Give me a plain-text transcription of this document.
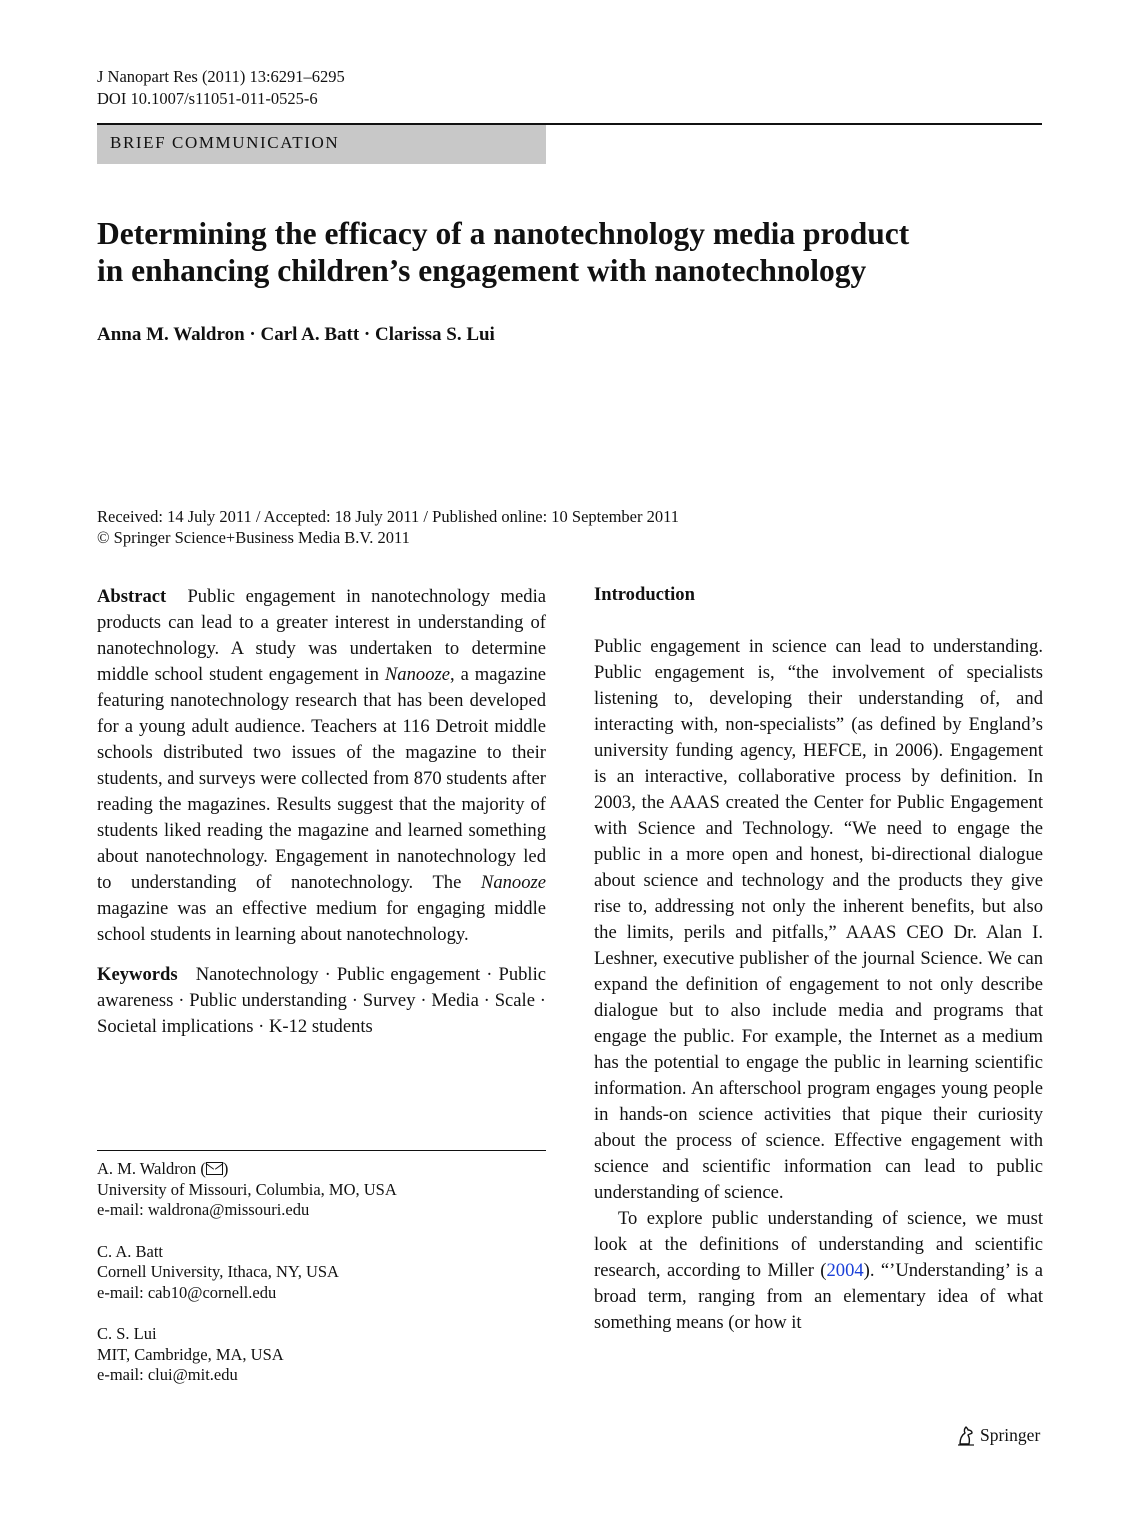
J Nanopart Res (2011) 13:6291–6295
DOI 10.1007/s11051-011-0525-6
BRIEF COMMUNICATION
Determining the efficacy of a nanotechnology media product
in enhancing children’s engagement with nanotechnology
Anna M. Waldron · Carl A. Batt · Clarissa S. Lui
Received: 14 July 2011 / Accepted: 18 July 2011 / Published online: 10 September 2011
© Springer Science+Business Media B.V. 2011

Abstract Public engagement in nanotechnology media products can lead to a greater interest in understanding of nanotechnology. A study was undertaken to determine middle school student engagement in Nanooze, a magazine featuring nanotechnology research that has been developed for a young adult audience. Teachers at 116 Detroit middle schools distributed two issues of the magazine to their students, and surveys were collected from 870 students after reading the magazines. Results suggest that the majority of students liked reading the magazine and learned something about nanotechnology. Engagement in nanotechnology led to understanding of nanotechnology. The Nanooze magazine was an effective medium for engaging middle school students in learning about nanotechnology.

Keywords Nanotechnology · Public engagement · Public awareness · Public understanding · Survey · Media · Scale · Societal implications · K-12 students

A. M. Waldron ( )
University of Missouri, Columbia, MO, USA
e-mail: waldrona@missouri.edu
C. A. Batt
Cornell University, Ithaca, NY, USA
e-mail: cab10@cornell.edu
C. S. Lui
MIT, Cambridge, MA, USA
e-mail: clui@mit.edu

Introduction

Public engagement in science can lead to understanding. Public engagement is, “the involvement of specialists listening to, developing their understanding of, and interacting with, non-specialists” (as defined by England’s university funding agency, HEFCE, in 2006). Engagement is an interactive, collaborative process by definition. In 2003, the AAAS created the Center for Public Engagement with Science and Technology. “We need to engage the public in a more open and honest, bi-directional dialogue about science and technology and the products they give rise to, addressing not only the inherent benefits, but also the limits, perils and pitfalls,” AAAS CEO Dr. Alan I. Leshner, executive publisher of the journal Science. We can expand the definition of engagement to not only describe dialogue but to also include media and programs that engage the public. For example, the Internet as a medium has the potential to engage the public in learning scientific information. An afterschool program engages young people in hands-on science activities that pique their curiosity about the process of science. Effective engagement with science and scientific information can lead to public understanding of science.

To explore public understanding of science, we must look at the definitions of understanding and scientific research, according to Miller (2004). “’Understanding’ is a broad term, ranging from an elementary idea of what something means (or how it

Springer
